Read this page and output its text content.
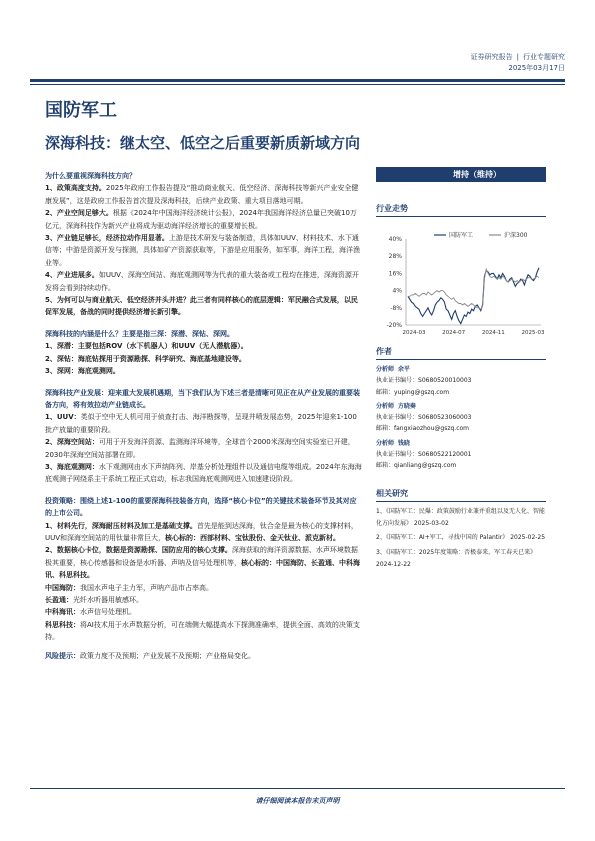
证券研究报告 | 行业专题研究
2025年03月17日
国防军工
深海科技：继太空、低空之后重要新质新域方向

为什么要重视深海科技方向？

1、政策高度支持。2025年政府工作报告提及“推动商业航天、低空经济、深海科技等新兴产业安全健康发展”，这是政府工作报告首次提及深海科技，后续产业政策、重大项目落地可期。

2、产业空间足够大。根据《2024年中国海洋经济统计公报》，2024年我国海洋经济总量已突破10万亿元，深海科技作为新兴产业将成为驱动海洋经济增长的重要增长极。

3、产业链足够长，经济拉动作用显著。上游是技术研发与装备制造，具体如UUV、材料技术、水下通信等；中游是资源开发与探测，具体如矿产资源获取等，下游是应用服务，如军事，海洋工程，海洋渔业等。

4、产业进展多。如UUV、深海空间站、海底观测网等为代表的重大装备或工程均在推进，深海资源开发将会看到持续动作。

5、为何可以与商业航天、低空经济并头并进？此三者有同样核心的底层逻辑：军民融合式发展，以民促军发展，备战的同时提供经济增长新引擎。

深海科技的内涵是什么？主要是指三深：深潜、深钻、深网。

1、深潜：主要包括ROV（水下机器人）和UUV（无人潜航器）。

2、深钻：海底钻探用于资源勘探、科学研究、海底基地建设等。

3、深网：海底观测网。

深海科技产业发展：迎来重大发展机遇期，当下我们认为下述三者是清晰可见正在从产业发展的重要装备方向，将有效拉动产业链成长。

1、UUV：类似于空中无人机可用于侦查打击、海洋勘探等，呈现井喷发展态势，2025年迎来1-100批产放量的重要阶段。

2、深海空间站：可用于开发海洋资源、监测海洋环境等，全球首个2000米深海空间实验室已开建，2030年深海空间站部署在即。

3、海底观测网：水下观测网由水下声纳阵列、岸基分析处理组件以及通信电缆等组成。2024年东海海底观测子网绕系主干系统工程正式启动，标志我国海底观测网进入加速建设阶段。

投资策略：围绕上述1-100的重要深海科技装备方向，选择“核心卡位”的关键技术装备环节及其对应的上市公司。

1、材料先行，深海耐压材料及加工是基础支撑。首先是能到达深海，钛合金是最为核心的支撑材料，UUV和深海空间站的用钛量非常巨大，核心标的：西部材料、宝钛股份、金天钛业、派克新材。

2、数据核心卡位，数据是资源勘探、国防应用的核心支撑。深海获取的海洋资源数据、水声环境数据极其重要，核心传感器和设备是水听器、声呐及信号处理机等，核心标的：中国海防、长盈通、中科海讯、科思科技。

中国海防：我国水声电子主力军，声呐产品市占率高。

长盈通：光纤水听器用敏感环。

中科海讯：水声信号处理机。

科思科技：将AI技术用于水声数据分析，可在端侧大幅提高水下探测准确率，提供全面、高效的决策支持。

风险提示：政策力度不及预期；产业发展不及预期；产业格局变化。

增持（维持）
行业走势
40%
28%
16%
4%
-8%
-20%
2024-03	2024-07	2024-11	2025-03
国防军工	沪深300
作者

分析师 余平

执业证书编号：S0680520010003

邮箱：yuping@gszq.com

分析师 方晓奏

执业证书编号：S0680523060003

邮箱：fangxiaozhou@gszq.com

分析师 钱晓

执业证书编号：S0680522120001

邮箱：qianliang@gszq.com

相关研究

1、《国防军工：民爆：政策鼓励行业兼并重组以及无人化、智能化方向发展》 2025-03-02

2、《国防军工：AI+军工，寻找中国的 Palantir》 2025-02-25

3、《国防军工：2025年度策略：否极泰来，军工春天已来》 2024-12-22

请仔细阅读本报告末页声明
